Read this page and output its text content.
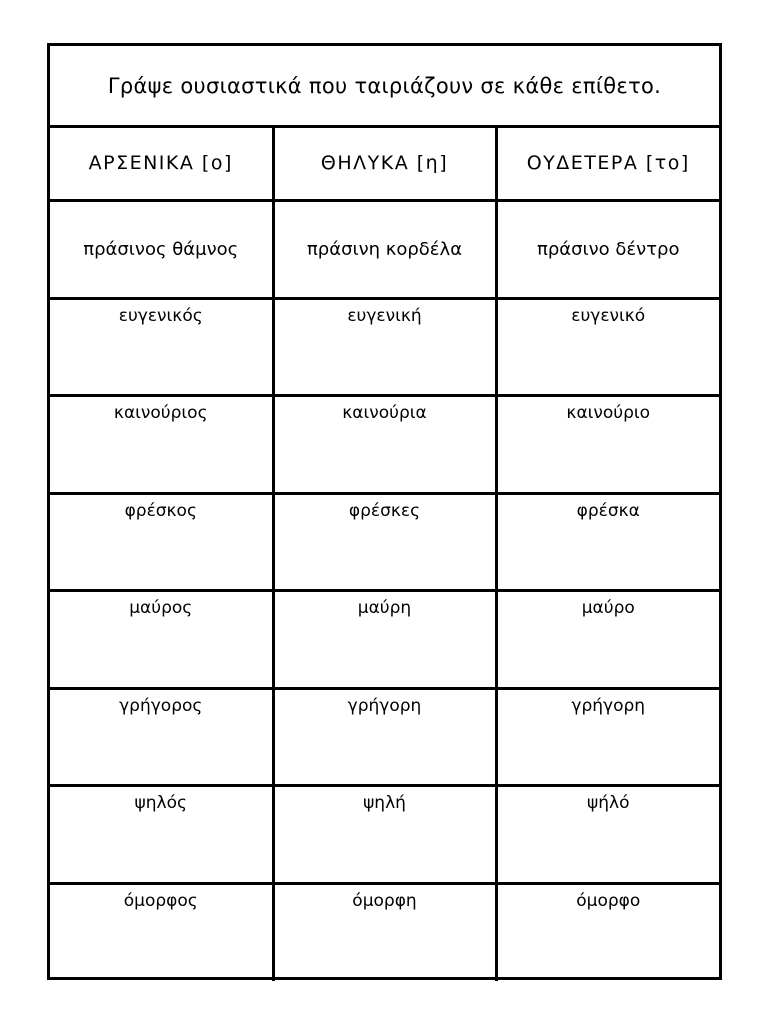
Γράψε ουσιαστικά που ταιριάζουν σε κάθε επίθετο.
ΑΡΣΕΝΙΚΑ [ο]	ΘΗΛΥΚΑ [η]	ΟΥΔΕΤΕΡΑ [το]
πράσινος θάμνος	πράσινη κορδέλα	πράσινο δέντρο
ευγενικός	ευγενική	ευγενικό
καινούριος	καινούρια	καινούριο
φρέσκος	φρέσκες	φρέσκα
μαύρος	μαύρη	μαύρο
γρήγορος	γρήγορη	γρήγορη
ψηλός	ψηλή	ψήλό
όμορφος	όμορφη	όμορφο
